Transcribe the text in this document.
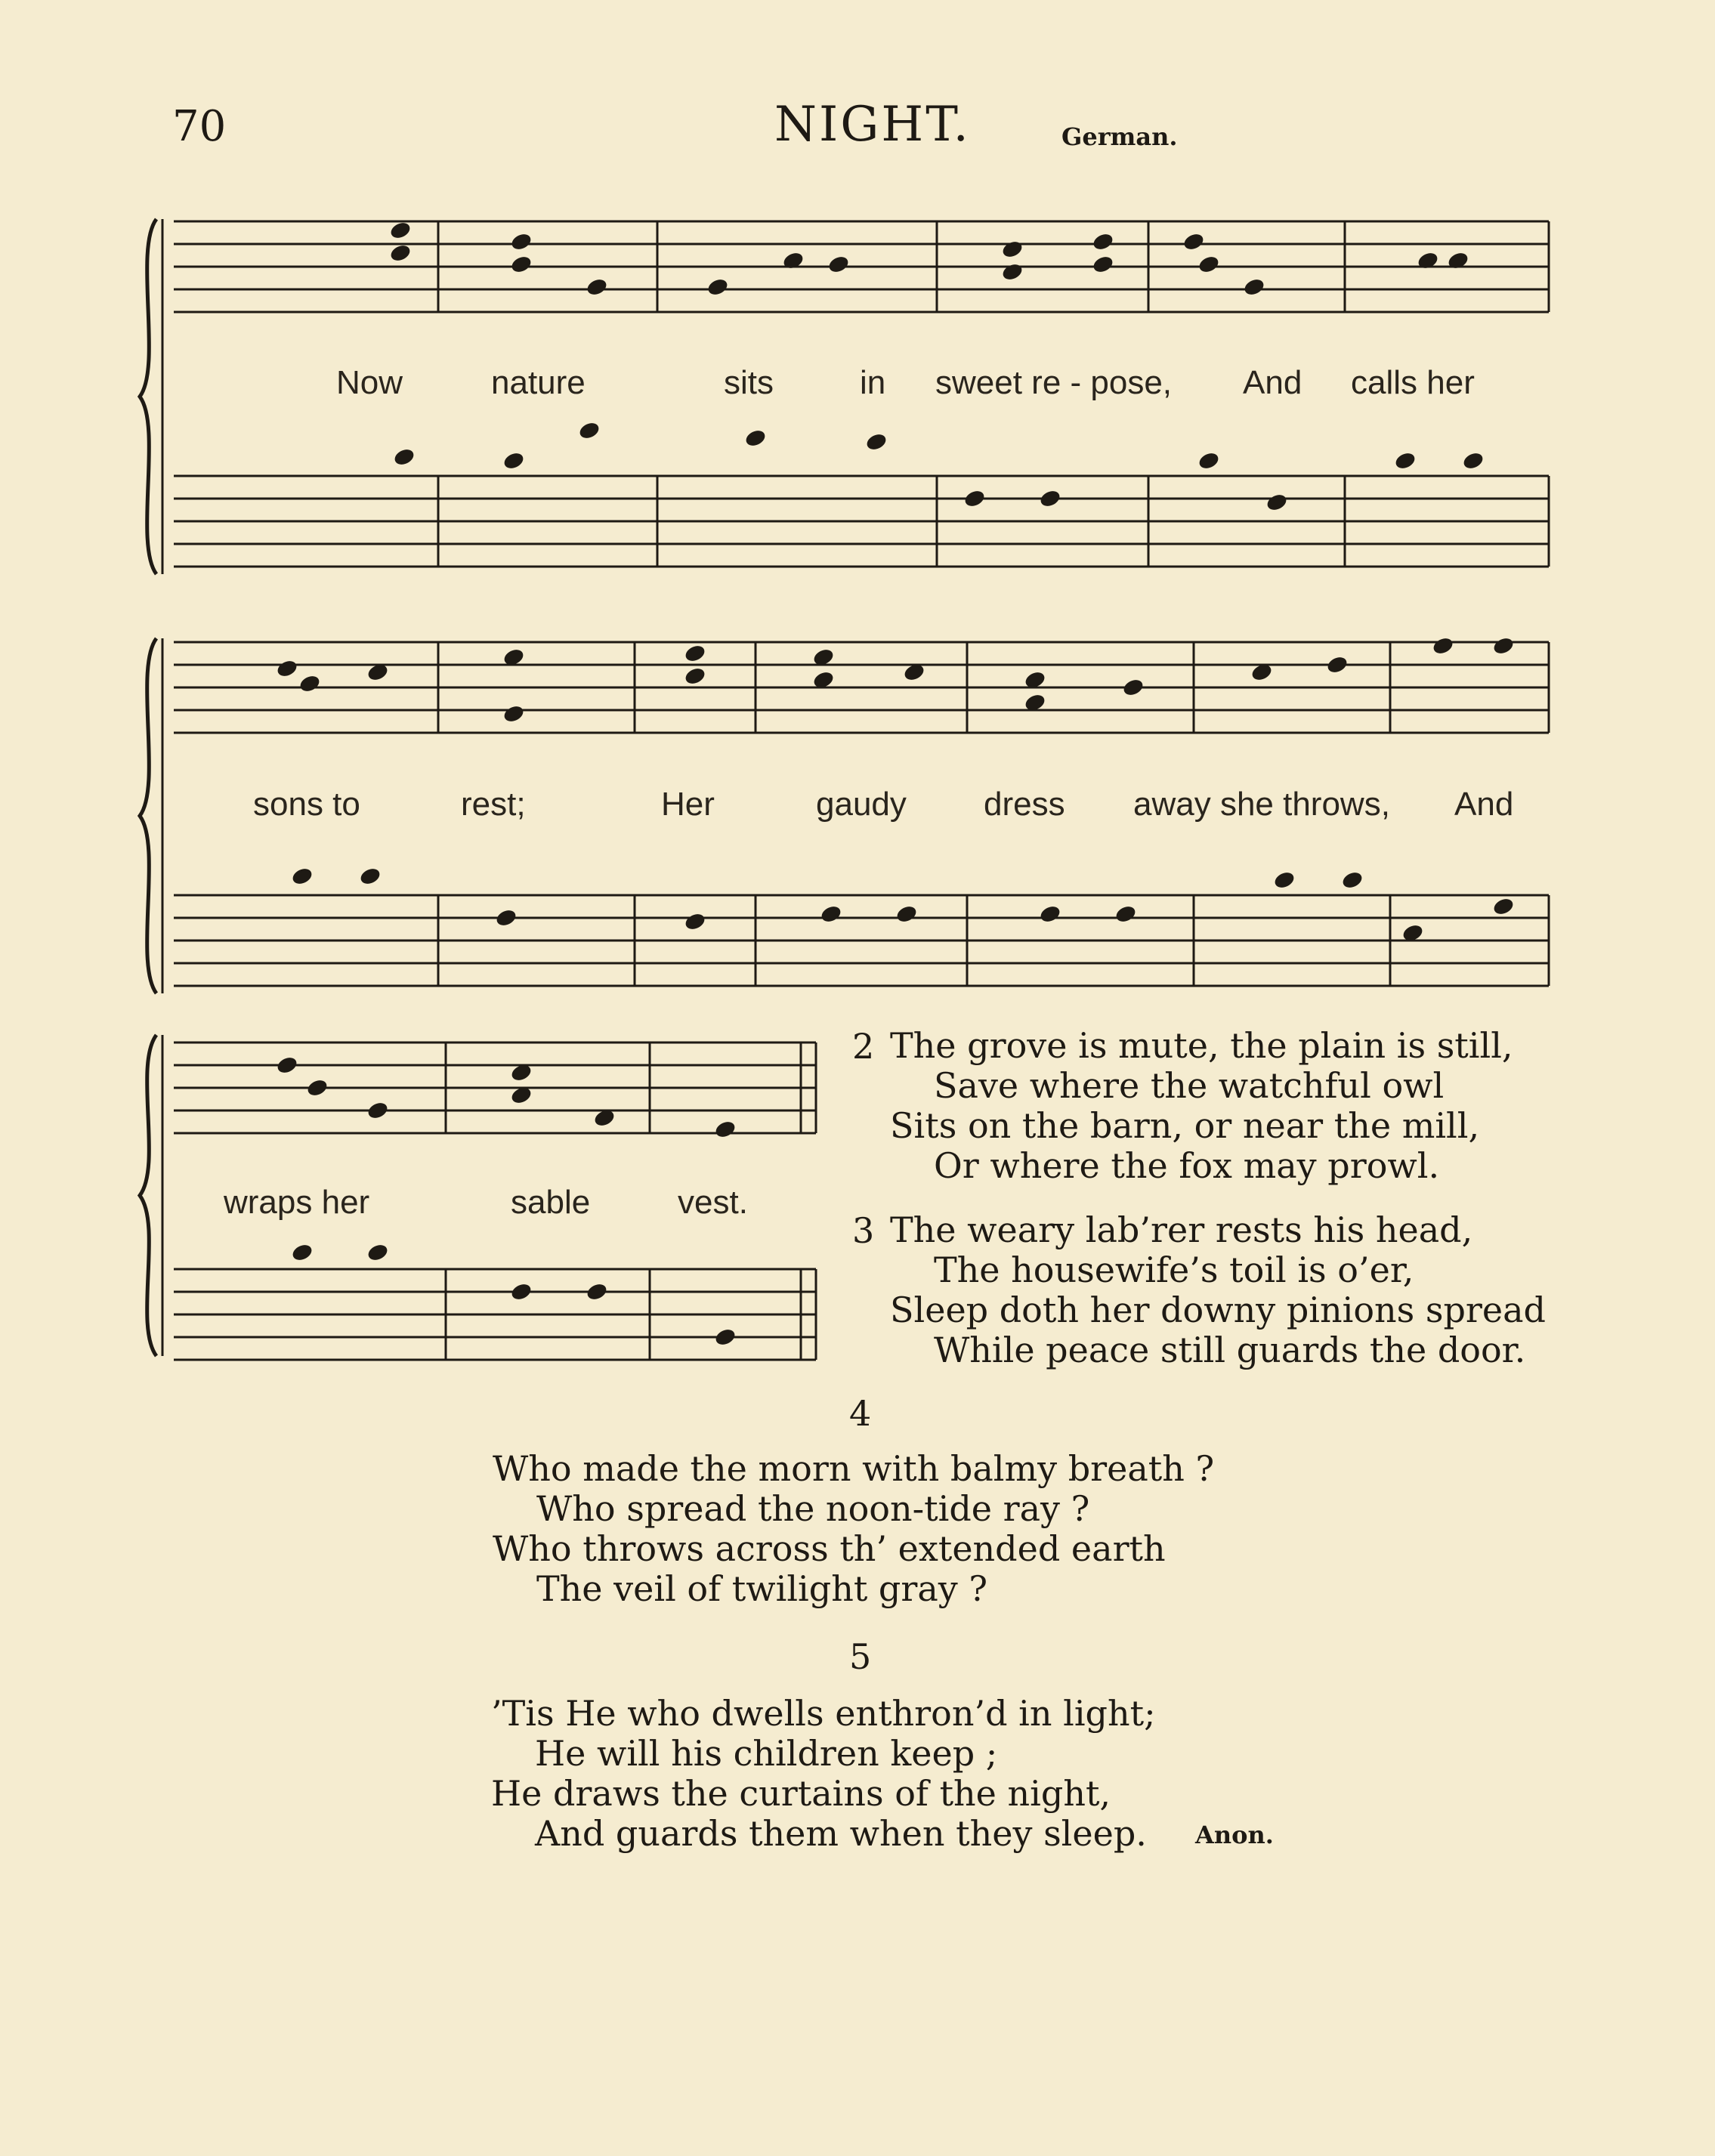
70	NIGHT.	German.
Now	nature	sits	in sweet re - pose, And calls her
sons to	rest;	Her	gaudy dress away she throws, And
wraps her	sable	vest.
2 The grove is mute, the plain is still,
Save where the watchful owl
Sits on the barn, or near the mill,
Or where the fox may prowl.
3 The weary lab’rer rests his head,
The housewife’s toil is o’er,
Sleep doth her downy pinions spread
While peace still guards the door.
4
Who made the morn with balmy breath ?
Who spread the noon-tide ray ?
Who throws across th’ extended earth
The veil of twilight gray ?
5
’Tis He who dwells enthron’d in light;
He will his children keep ;
He draws the curtains of the night,
And guards them when they sleep.	Anon.
